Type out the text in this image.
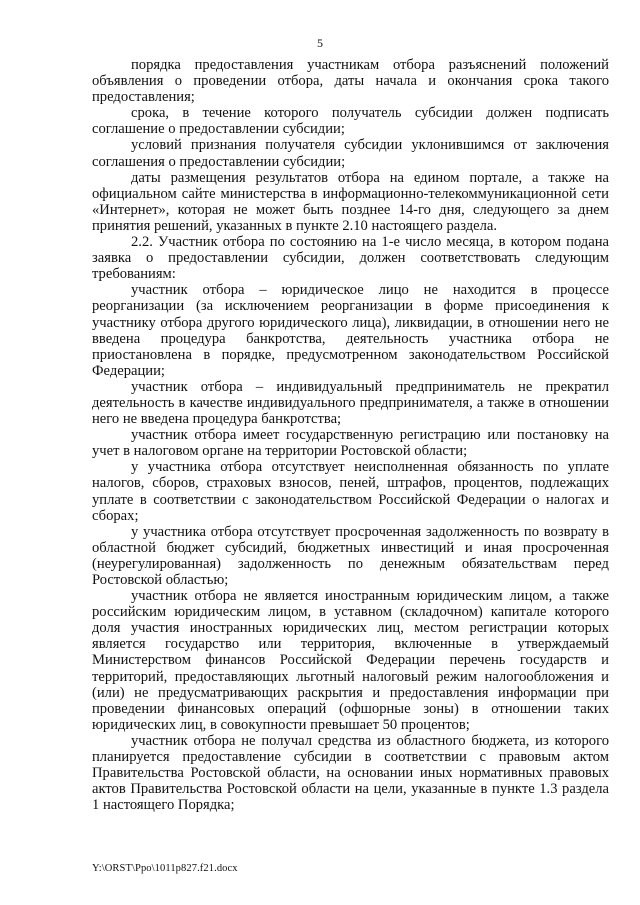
5

порядка предоставления участникам отбора разъяснений положений объявления о проведении отбора, даты начала и окончания срока такого предоставления;

срока, в течение которого получатель субсидии должен подписать соглашение о предоставлении субсидии;

условий признания получателя субсидии уклонившимся от заключения соглашения о предоставлении субсидии;

даты размещения результатов отбора на едином портале, а также на официальном сайте министерства в информационно-телекоммуникационной сети «Интернет», которая не может быть позднее 14-го дня, следующего за днем принятия решений, указанных в пункте 2.10 настоящего раздела.

2.2. Участник отбора по состоянию на 1-е число месяца, в котором подана заявка о предоставлении субсидии, должен соответствовать следующим требованиям:

участник отбора – юридическое лицо не находится в процессе реорганизации (за исключением реорганизации в форме присоединения к участнику отбора другого юридического лица), ликвидации, в отношении него не введена процедура банкротства, деятельность участника отбора не приостановлена в порядке, предусмотренном законодательством Российской Федерации;

участник отбора – индивидуальный предприниматель не прекратил деятельность в качестве индивидуального предпринимателя, а также в отношении него не введена процедура банкротства;

участник отбора имеет государственную регистрацию или постановку на учет в налоговом органе на территории Ростовской области;

у участника отбора отсутствует неисполненная обязанность по уплате налогов, сборов, страховых взносов, пеней, штрафов, процентов, подлежащих уплате в соответствии с законодательством Российской Федерации о налогах и сборах;

у участника отбора отсутствует просроченная задолженность по возврату в областной бюджет субсидий, бюджетных инвестиций и иная просроченная (неурегулированная) задолженность по денежным обязательствам перед Ростовской областью;

участник отбора не является иностранным юридическим лицом, а также российским юридическим лицом, в уставном (складочном) капитале которого доля участия иностранных юридических лиц, местом регистрации которых является государство или территория, включенные в утверждаемый Министерством финансов Российской Федерации перечень государств и территорий, предоставляющих льготный налоговый режим налогообложения и (или) не предусматривающих раскрытия и предоставления информации при проведении финансовых операций (офшорные зоны) в отношении таких юридических лиц, в совокупности превышает 50 процентов;

участник отбора не получал средства из областного бюджета, из которого планируется предоставление субсидии в соответствии с правовым актом Правительства Ростовской области, на основании иных нормативных правовых актов Правительства Ростовской области на цели, указанные в пункте 1.3 раздела 1 настоящего Порядка;

Y:\ORST\Ppo\1011p827.f21.docx
